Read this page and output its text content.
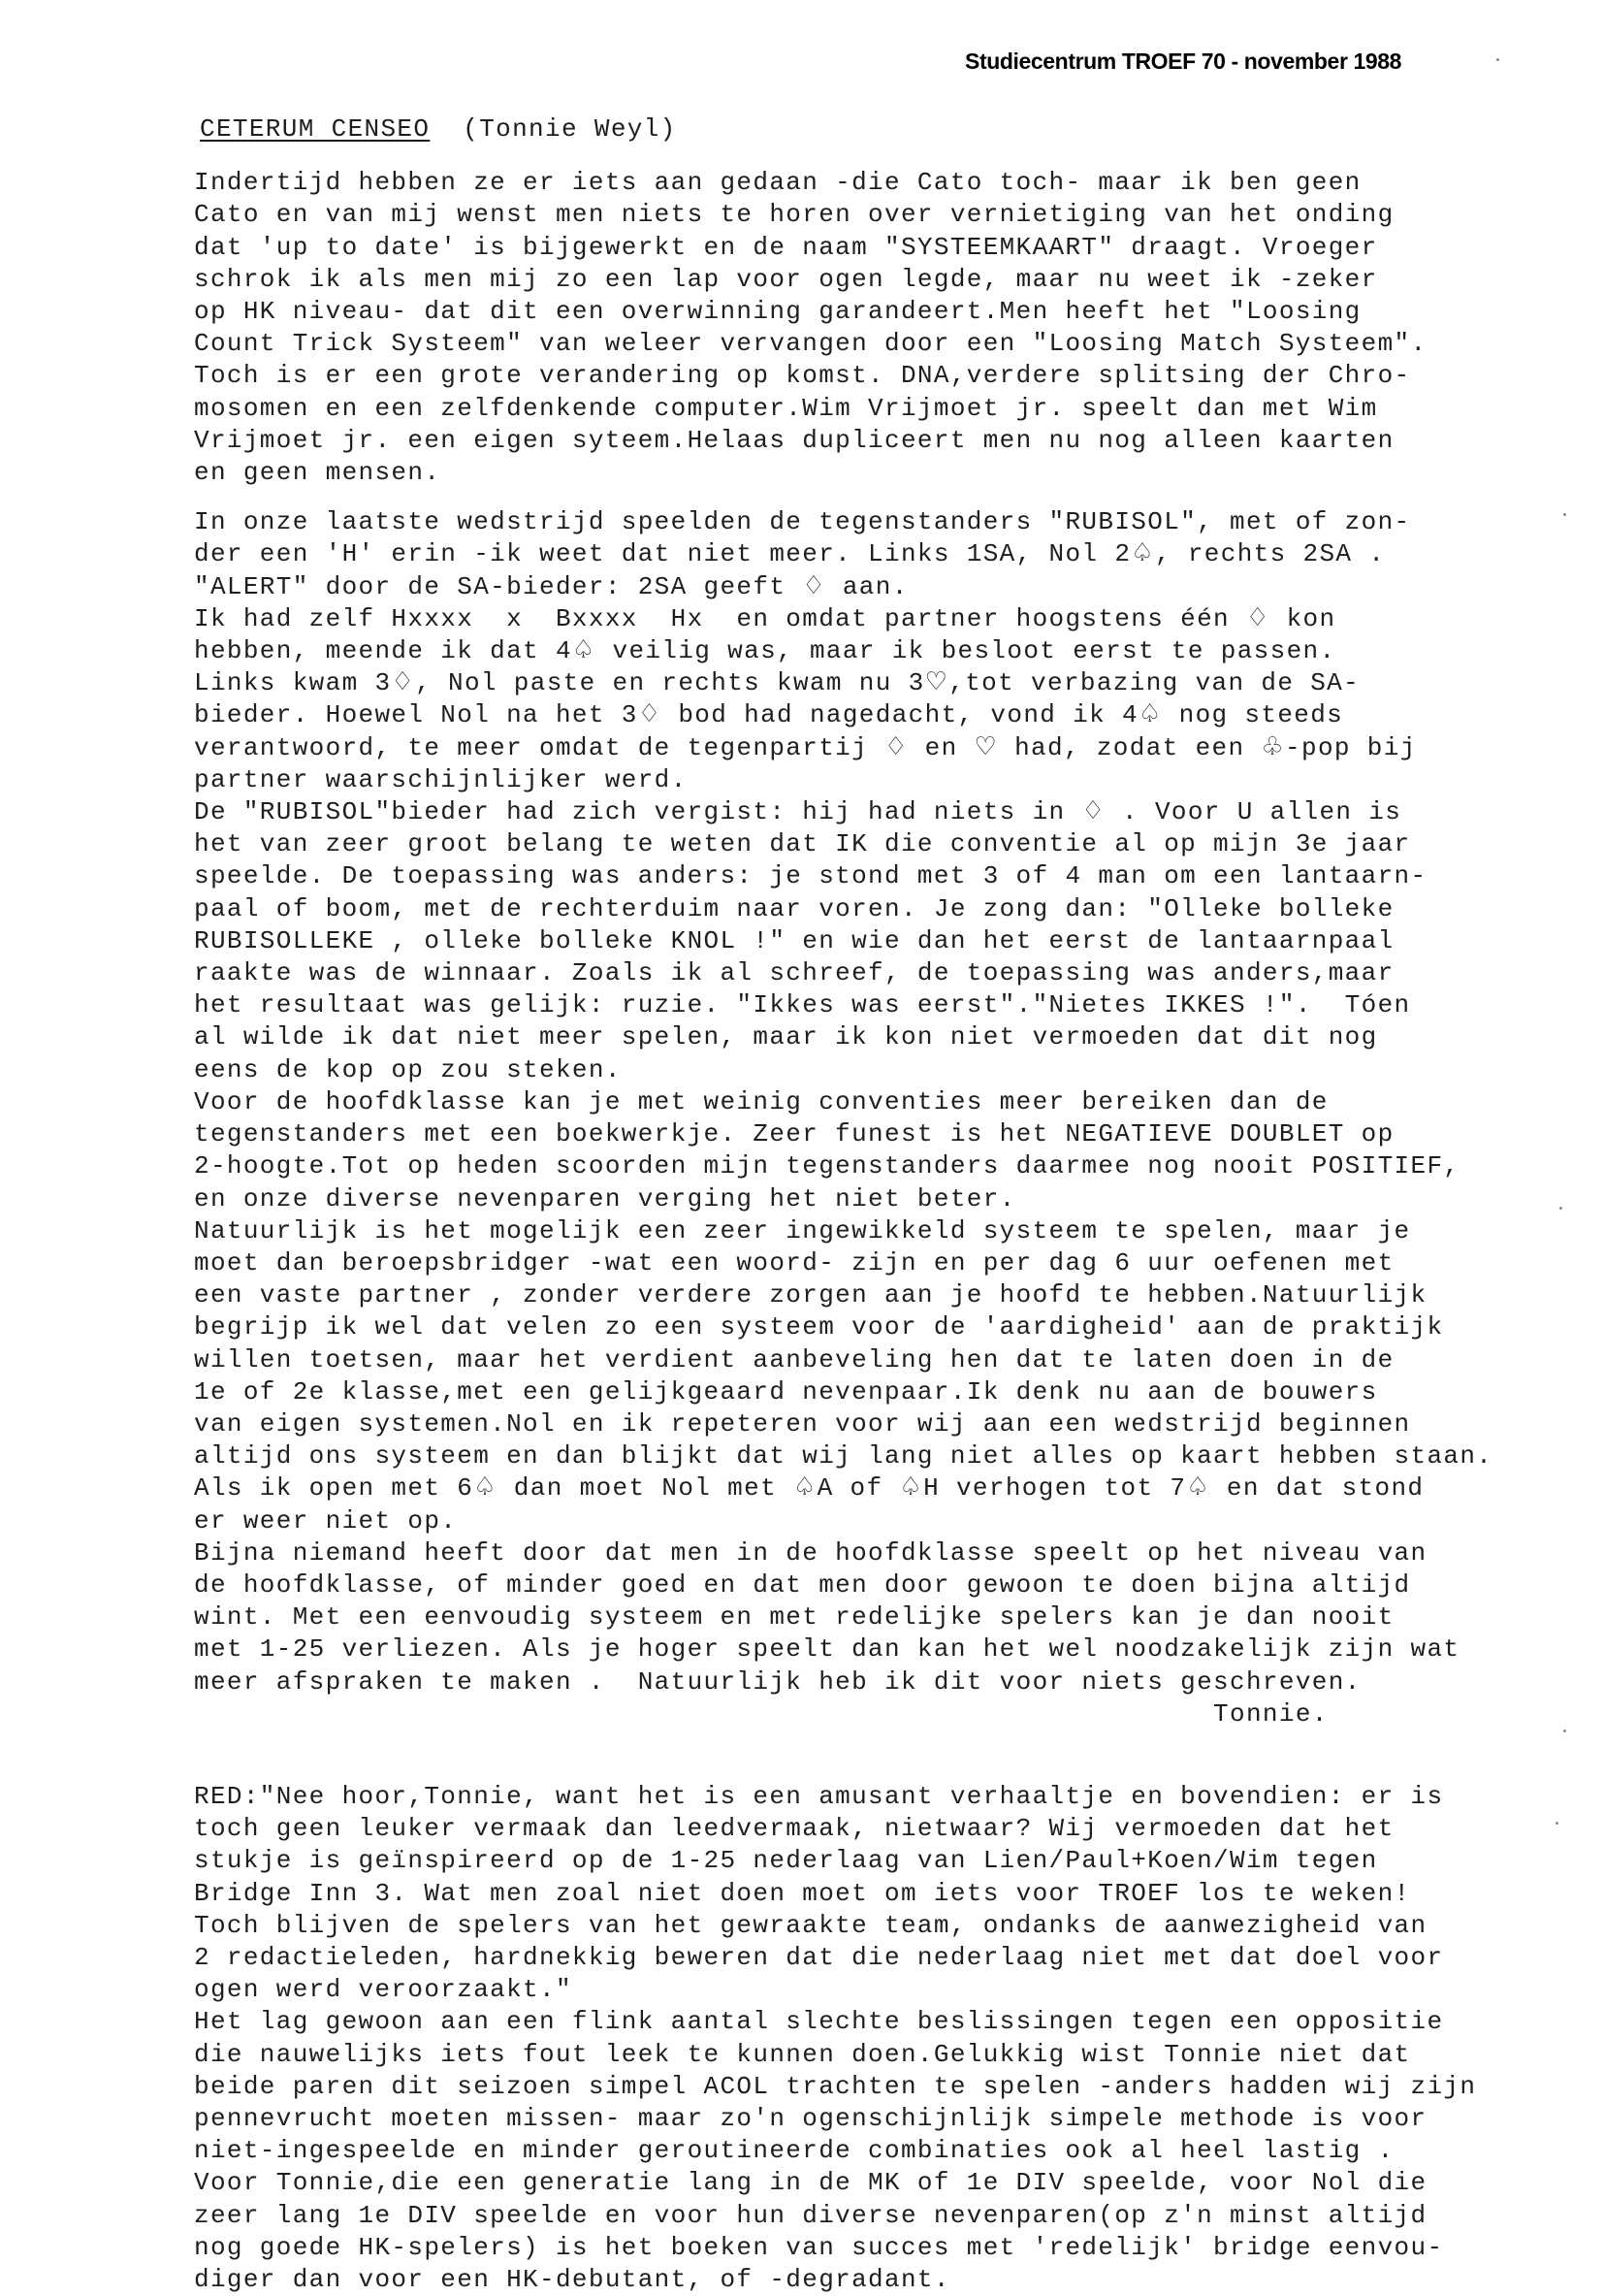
Studiecentrum TROEF 70 - november 1988
CETERUM CENSEO (Tonnie Weyl)
Indertijd hebben ze er iets aan gedaan -die Cato toch- maar ik ben geen
Cato en van mij wenst men niets te horen over vernietiging van het onding
dat 'up to date' is bijgewerkt en de naam "SYSTEEMKAART" draagt. Vroeger
schrok ik als men mij zo een lap voor ogen legde, maar nu weet ik -zeker
op HK niveau- dat dit een overwinning garandeert.Men heeft het "Loosing
Count Trick Systeem" van weleer vervangen door een "Loosing Match Systeem".
Toch is er een grote verandering op komst. DNA,verdere splitsing der Chro-
mosomen en een zelfdenkende computer.Wim Vrijmoet jr. speelt dan met Wim
Vrijmoet jr. een eigen syteem.Helaas dupliceert men nu nog alleen kaarten
en geen mensen.
In onze laatste wedstrijd speelden de tegenstanders "RUBISOL", met of zon-
der een 'H' erin -ik weet dat niet meer. Links 1SA, Nol 2♤, rechts 2SA .
"ALERT" door de SA-bieder: 2SA geeft ♢ aan.
Ik had zelf Hxxxx  x  Bxxxx  Hx  en omdat partner hoogstens één ♢ kon
hebben, meende ik dat 4♤ veilig was, maar ik besloot eerst te passen.
Links kwam 3♢, Nol paste en rechts kwam nu 3♡,tot verbazing van de SA-
bieder. Hoewel Nol na het 3♢ bod had nagedacht, vond ik 4♤ nog steeds
verantwoord, te meer omdat de tegenpartij ♢ en ♡ had, zodat een ♧-pop bij
partner waarschijnlijker werd.
De "RUBISOL"bieder had zich vergist: hij had niets in ♢ . Voor U allen is
het van zeer groot belang te weten dat IK die conventie al op mijn 3e jaar
speelde. De toepassing was anders: je stond met 3 of 4 man om een lantaarn-
paal of boom, met de rechterduim naar voren. Je zong dan: "Olleke bolleke
RUBISOLLEKE , olleke bolleke KNOL !" en wie dan het eerst de lantaarnpaal
raakte was de winnaar. Zoals ik al schreef, de toepassing was anders,maar
het resultaat was gelijk: ruzie. "Ikkes was eerst"."Nietes IKKES !".  Tóen
al wilde ik dat niet meer spelen, maar ik kon niet vermoeden dat dit nog
eens de kop op zou steken.
Voor de hoofdklasse kan je met weinig conventies meer bereiken dan de
tegenstanders met een boekwerkje. Zeer funest is het NEGATIEVE DOUBLET op
2-hoogte.Tot op heden scoorden mijn tegenstanders daarmee nog nooit POSITIEF,
en onze diverse nevenparen verging het niet beter.
Natuurlijk is het mogelijk een zeer ingewikkeld systeem te spelen, maar je
moet dan beroepsbridger -wat een woord- zijn en per dag 6 uur oefenen met
een vaste partner , zonder verdere zorgen aan je hoofd te hebben.Natuurlijk
begrijp ik wel dat velen zo een systeem voor de 'aardigheid' aan de praktijk
willen toetsen, maar het verdient aanbeveling hen dat te laten doen in de
1e of 2e klasse,met een gelijkgeaard nevenpaar.Ik denk nu aan de bouwers
van eigen systemen.Nol en ik repeteren voor wij aan een wedstrijd beginnen
altijd ons systeem en dan blijkt dat wij lang niet alles op kaart hebben staan.
Als ik open met 6♤ dan moet Nol met ♤A of ♤H verhogen tot 7♤ en dat stond
er weer niet op.
Bijna niemand heeft door dat men in de hoofdklasse speelt op het niveau van
de hoofdklasse, of minder goed en dat men door gewoon te doen bijna altijd
wint. Met een eenvoudig systeem en met redelijke spelers kan je dan nooit
met 1-25 verliezen. Als je hoger speelt dan kan het wel noodzakelijk zijn wat
meer afspraken te maken .  Natuurlijk heb ik dit voor niets geschreven.
Tonnie.
RED:"Nee hoor,Tonnie, want het is een amusant verhaaltje en bovendien: er is
toch geen leuker vermaak dan leedvermaak, nietwaar? Wij vermoeden dat het
stukje is geïnspireerd op de 1-25 nederlaag van Lien/Paul+Koen/Wim tegen
Bridge Inn 3. Wat men zoal niet doen moet om iets voor TROEF los te weken!
Toch blijven de spelers van het gewraakte team, ondanks de aanwezigheid van
2 redactieleden, hardnekkig beweren dat die nederlaag niet met dat doel voor
ogen werd veroorzaakt."
Het lag gewoon aan een flink aantal slechte beslissingen tegen een oppositie
die nauwelijks iets fout leek te kunnen doen.Gelukkig wist Tonnie niet dat
beide paren dit seizoen simpel ACOL trachten te spelen -anders hadden wij zijn
pennevrucht moeten missen- maar zo'n ogenschijnlijk simpele methode is voor
niet-ingespeelde en minder geroutineerde combinaties ook al heel lastig .
Voor Tonnie,die een generatie lang in de MK of 1e DIV speelde, voor Nol die
zeer lang 1e DIV speelde en voor hun diverse nevenparen(op z'n minst altijd
nog goede HK-spelers) is het boeken van succes met 'redelijk' bridge eenvou-
diger dan voor een HK-debutant, of -degradant.
